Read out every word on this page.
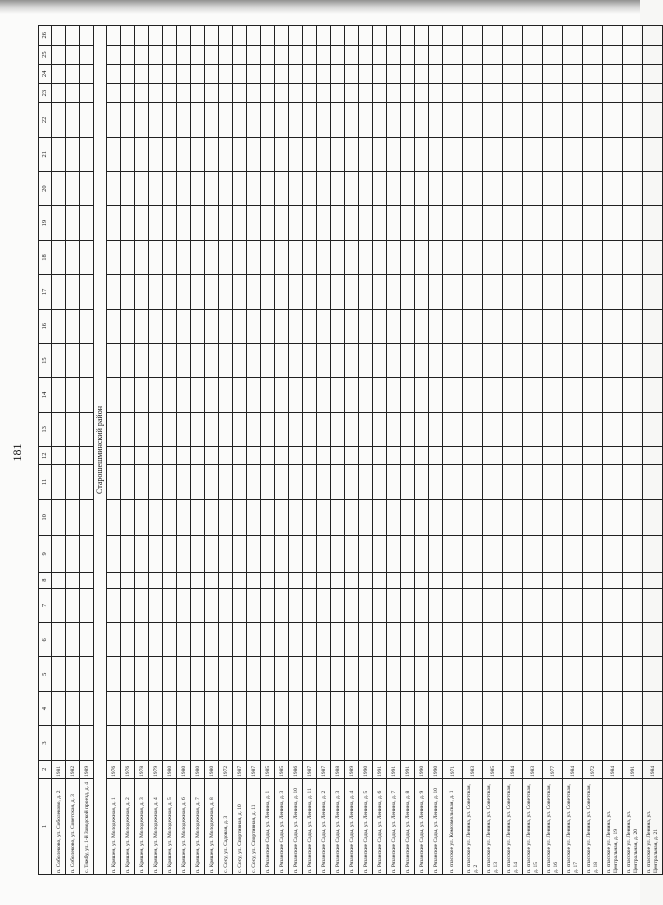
181
1	2	3	4	5	6	7	8	9	10	11	12	13	14	15	16	17	18	19	20	21	22	23	24	25	26
п. Соболеково, ул. Соболеково, д. 2	1981																								
п. Соболеково, ул. Советская, д. 3	1982																								
с. Тяжбу, ул. 1-й Заводской проезд, д. 4	1989																								
Старошешминский район																									
п. Кряшен, ул. Молодежная, д. 1	1976																								
п. Кряшен, ул. Молодежная, д. 2	1976																								
п. Кряшен, ул. Молодежная, д. 3	1978																								
п. Кряшен, ул. Молодежная, д. 4	1979																								
п. Кряшен, ул. Молодежная, д. 5	1980																								
п. Кряшен, ул. Молодежная, д. 6	1980																								
п. Кряшен, ул. Молодежная, д. 7	1980																								
п. Кряшен, ул. Молодежная, д. 8	1980																								
с. Сосу, ул. Садовая, д. 3	1972																								
с. Сосу, ул. Спортивная, д. 10	1987																								
с. Сосу, ул. Спортивная, д. 11	1987																								
п. Рязанские Сады, ул. Ленина, д. 1	1985																								
п. Рязанские Сады, ул. Ленина, д. 3	1985																								
п. Рязанские Сады, ул. Ленина, д. 10	1986																								
п. Рязанские Сады, ул. Ленина, д. 11	1987																								
п. Рязанские Сады, ул. Ленина, д. 2	1987																								
п. Рязанские Сады, ул. Ленина, д. 3	1988																								
п. Рязанские Сады, ул. Ленина, д. 4	1989																								
п. Рязанские Сады, ул. Ленина, д. 5	1990																								
п. Рязанские Сады, ул. Ленина, д. 6	1991																								
п. Рязанские Сады, ул. Ленина, д. 7	1991																								
п. Рязанские Сады, ул. Ленина, д. 8	1991																								
п. Рязанские Сады, ул. Ленина, д. 9	1990																								
п. Рязанские Сады, ул. Ленина, д. 10	1990																								
п. спасское ул. Комсомольская, д. 1	1971																								
п. спасское ул. Ленина, ул. Советская, д. 2	1983																								
п. спасское ул. Ленина, ул. Советская, д. 13	1985																								
п. спасское ул. Ленина, ул. Советская, д. 14	1984																								
п. спасское ул. Ленина, ул. Советская, д. 15	1983																								
п. спасское ул. Ленина, ул. Советская, д. 16	1977																								
п. спасское ул. Ленина, ул. Советская, д. 17	1984																								
п. спасское ул. Ленина, ул. Советская, д. 18	1972																								
п. спасское ул. Ленина, ул. Центральная, д. 19	1984																								
п. спасское ул. Ленина, ул. Центральная, д. 20	1991																								
п. спасское ул. Ленина, ул. Центральная, д. 21	1984																								
